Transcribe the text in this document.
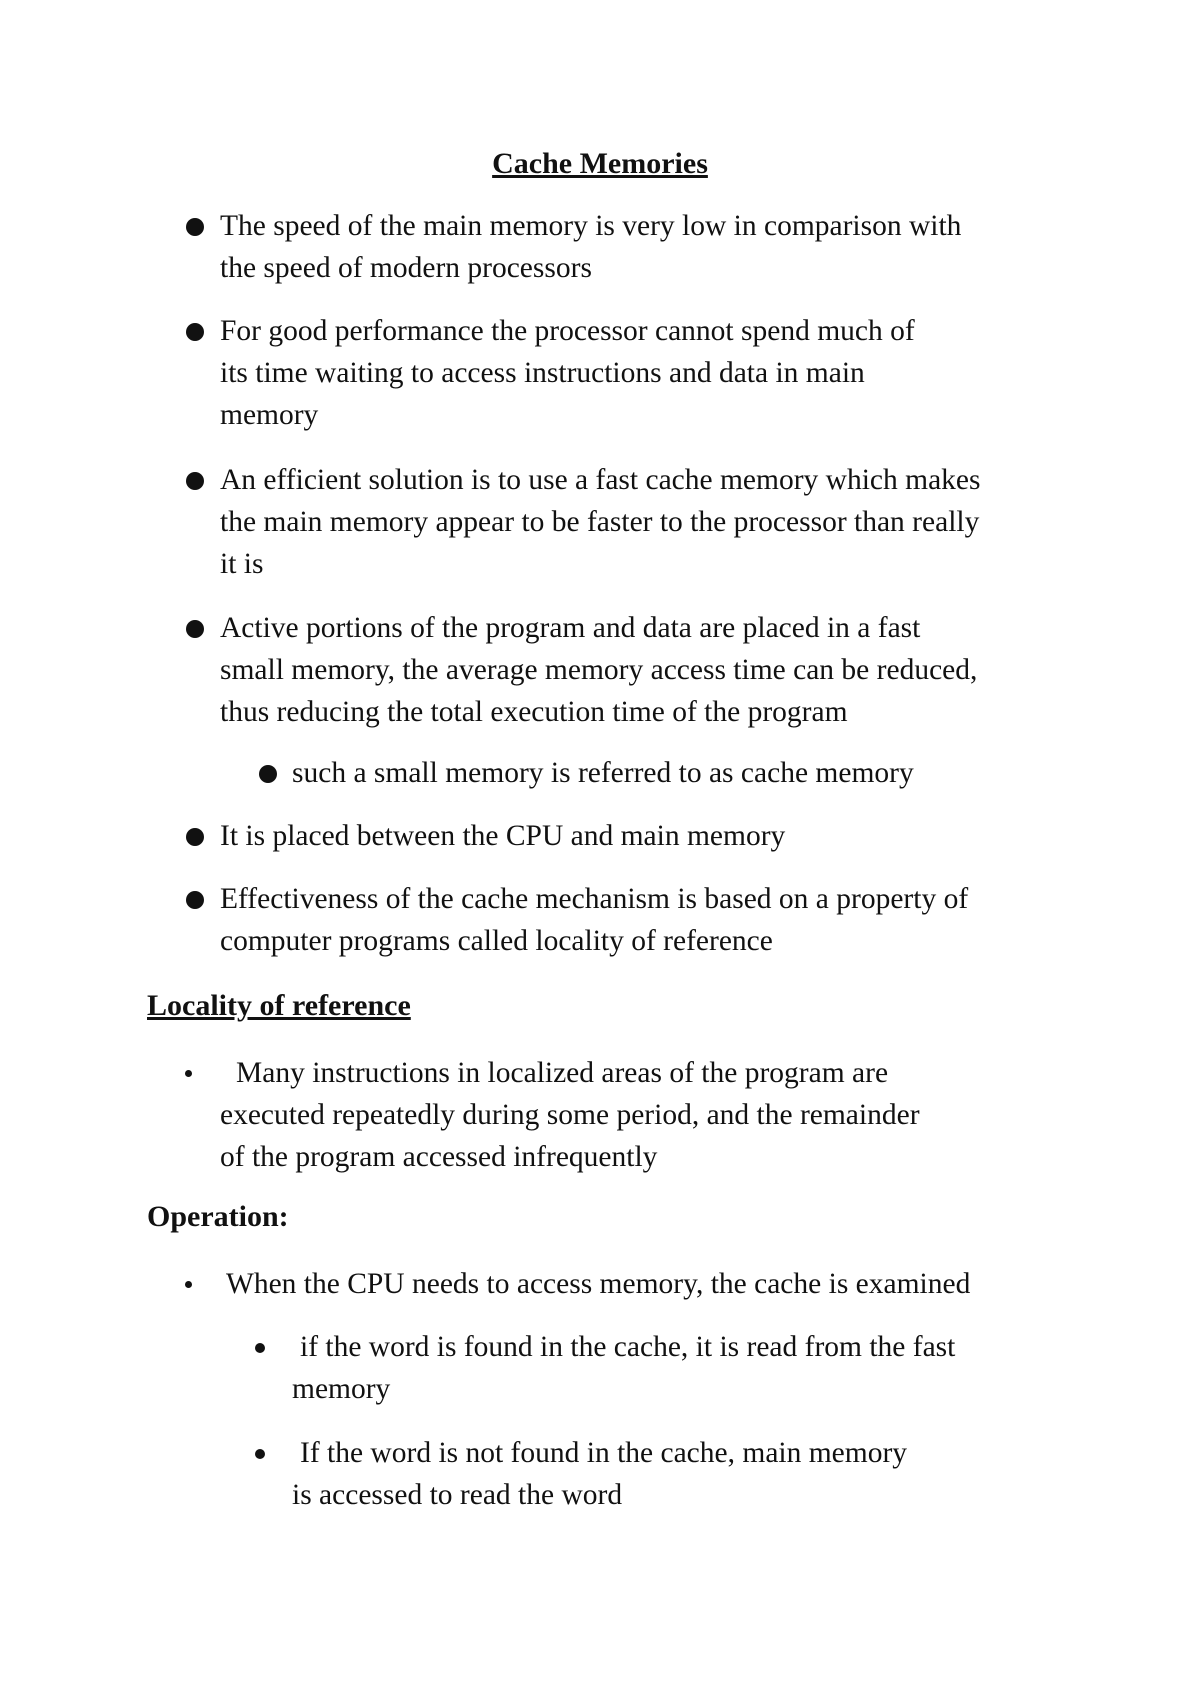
Cache Memories
The speed of the main memory is very low in comparison with
the speed of modern processors
For good performance the processor cannot spend much of
its time waiting to access instructions and data in main
memory
An efficient solution is to use a fast cache memory which makes
the main memory appear to be faster to the processor than really
it is
Active portions of the program and data are placed in a fast
small memory, the average memory access time can be reduced,
thus reducing the total execution time of the program
such a small memory is referred to as cache memory
It is placed between the CPU and main memory
Effectiveness of the cache mechanism is based on a property of
computer programs called locality of reference
Locality of reference
Many instructions in localized areas of the program are
executed repeatedly during some period, and the remainder
of the program accessed infrequently
Operation:
When the CPU needs to access memory, the cache is examined
if the word is found in the cache, it is read from the fast
memory
If the word is not found in the cache, main memory
is accessed to read the word
